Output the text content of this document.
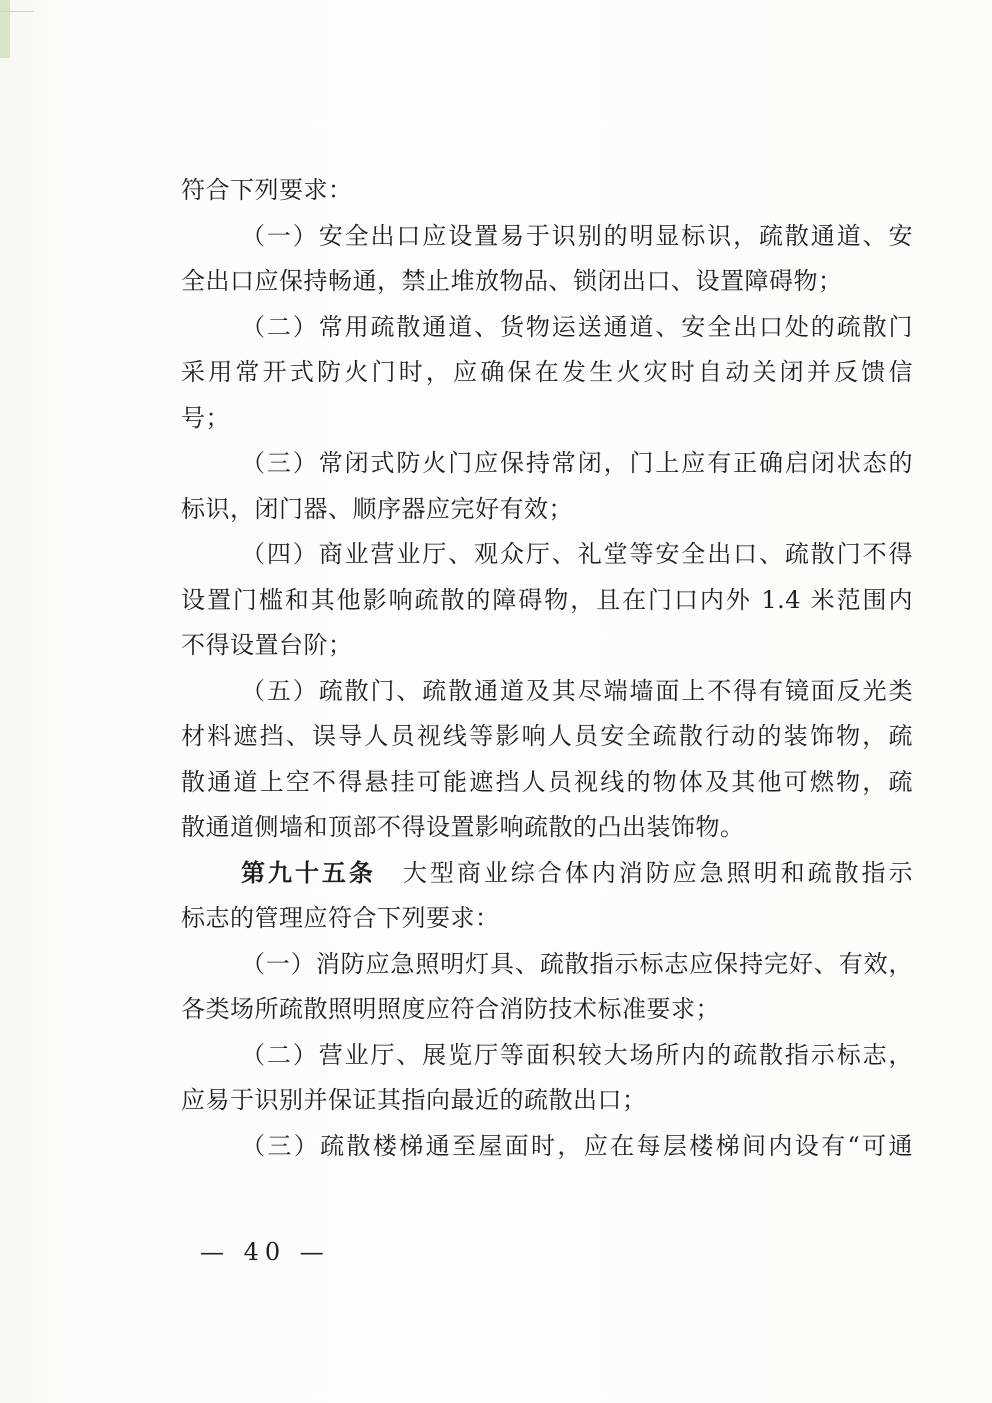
符合下列要求：
（一）安全出口应设置易于识别的明显标识，疏散通道、安
全出口应保持畅通，禁止堆放物品、锁闭出口、设置障碍物；
（二）常用疏散通道、货物运送通道、安全出口处的疏散门
采用常开式防火门时，应确保在发生火灾时自动关闭并反馈信
号；
（三）常闭式防火门应保持常闭，门上应有正确启闭状态的
标识，闭门器、顺序器应完好有效；
（四）商业营业厅、观众厅、礼堂等安全出口、疏散门不得
设置门槛和其他影响疏散的障碍物，且在门口内外 1.4 米范围内
不得设置台阶；
（五）疏散门、疏散通道及其尽端墙面上不得有镜面反光类
材料遮挡、误导人员视线等影响人员安全疏散行动的装饰物，疏
散通道上空不得悬挂可能遮挡人员视线的物体及其他可燃物，疏
散通道侧墙和顶部不得设置影响疏散的凸出装饰物。
第九十五条　 大型商业综合体内消防应急照明和疏散指示
标志的管理应符合下列要求：
（一）消防应急照明灯具、疏散指示标志应保持完好、有效，
各类场所疏散照明照度应符合消防技术标准要求；
（二）营业厅、展览厅等面积较大场所内的疏散指示标志，
应易于识别并保证其指向最近的疏散出口；
（三）疏散楼梯通至屋面时，应在每层楼梯间内设有“可通
— 40 —
